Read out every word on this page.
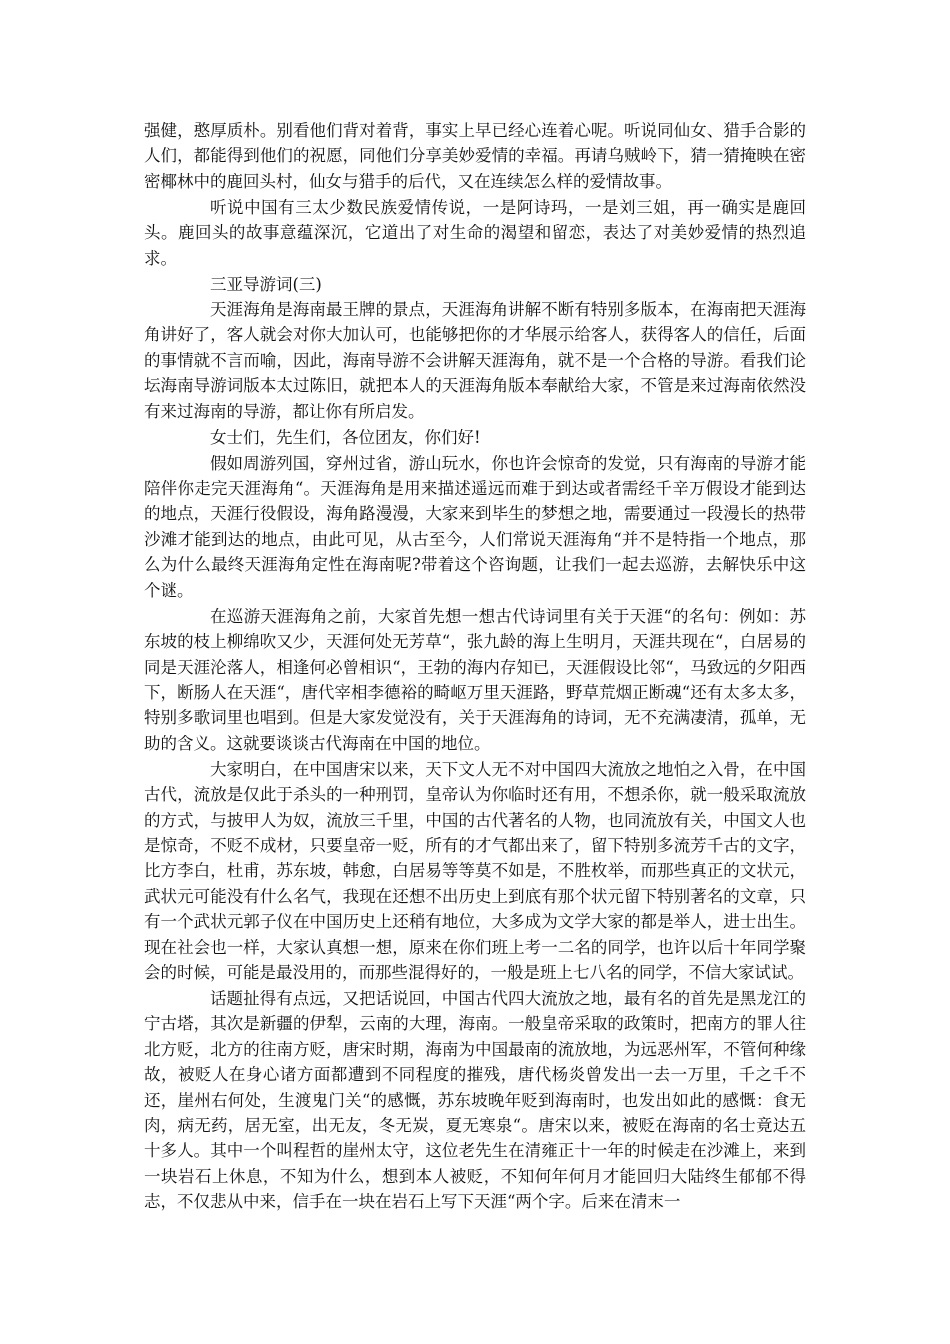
强健，憨厚质朴。别看他们背对着背，事实上早已经心连着心呢。听说同仙女、猎手合影的人们，都能得到他们的祝愿，同他们分享美妙爱情的幸福。再请乌贼岭下，猜一猜掩映在密密椰林中的鹿回头村，仙女与猎手的后代，又在连续怎么样的爱情故事。

听说中国有三太少数民族爱情传说，一是阿诗玛，一是刘三姐，再一确实是鹿回头。鹿回头的故事意蕴深沉，它道出了对生命的渴望和留恋，表达了对美妙爱情的热烈追求。

三亚导游词(三)

天涯海角是海南最王牌的景点，天涯海角讲解不断有特别多版本，在海南把天涯海角讲好了，客人就会对你大加认可，也能够把你的才华展示给客人，获得客人的信任，后面的事情就不言而喻，因此，海南导游不会讲解天涯海角，就不是一个合格的导游。看我们论坛海南导游词版本太过陈旧，就把本人的天涯海角版本奉献给大家，不管是来过海南依然没有来过海南的导游，都让你有所启发。

女士们，先生们，各位团友，你们好!

假如周游列国，穿州过省，游山玩水，你也许会惊奇的发觉，只有海南的导游才能陪伴你走完天涯海角“。天涯海角是用来描述遥远而难于到达或者需经千辛万假设才能到达的地点，天涯行役假设，海角路漫漫，大家来到毕生的梦想之地，需要通过一段漫长的热带沙滩才能到达的地点，由此可见，从古至今，人们常说天涯海角“并不是特指一个地点，那么为什么最终天涯海角定性在海南呢?带着这个咨询题，让我们一起去巡游，去解快乐中这个谜。

在巡游天涯海角之前，大家首先想一想古代诗词里有关于天涯“的名句：例如：苏东坡的枝上柳绵吹又少，天涯何处无芳草“，张九龄的海上生明月，天涯共现在“，白居易的同是天涯沦落人，相逢何必曾相识“，王勃的海内存知已，天涯假设比邻“，马致远的夕阳西下，断肠人在天涯“，唐代宰相李德裕的畸岖万里天涯路，野草荒烟正断魂“还有太多太多，特别多歌词里也唱到。但是大家发觉没有，关于天涯海角的诗词，无不充满凄清，孤单，无助的含义。这就要谈谈古代海南在中国的地位。

大家明白，在中国唐宋以来，天下文人无不对中国四大流放之地怕之入骨，在中国古代，流放是仅此于杀头的一种刑罚，皇帝认为你临时还有用，不想杀你，就一般采取流放的方式，与披甲人为奴，流放三千里，中国的古代著名的人物，也同流放有关，中国文人也是惊奇，不贬不成材，只要皇帝一贬，所有的才气都出来了，留下特别多流芳千古的文字，比方李白，杜甫，苏东坡，韩愈，白居易等等莫不如是，不胜枚举，而那些真正的文状元，武状元可能没有什么名气，我现在还想不出历史上到底有那个状元留下特别著名的文章，只有一个武状元郭子仪在中国历史上还稍有地位，大多成为文学大家的都是举人，进士出生。现在社会也一样，大家认真想一想，原来在你们班上考一二名的同学，也许以后十年同学聚会的时候，可能是最没用的，而那些混得好的，一般是班上七八名的同学，不信大家试试。

话题扯得有点远，又把话说回，中国古代四大流放之地，最有名的首先是黑龙江的宁古塔，其次是新疆的伊犁，云南的大理，海南。一般皇帝采取的政策时，把南方的罪人往北方贬，北方的往南方贬，唐宋时期，海南为中国最南的流放地，为远恶州军，不管何种缘故，被贬人在身心诸方面都遭到不同程度的摧残，唐代杨炎曾发出一去一万里，千之千不还，崖州右何处，生渡鬼门关“的感慨，苏东坡晚年贬到海南时，也发出如此的感慨：食无肉，病无药，居无室，出无友，冬无炭，夏无寒泉“。唐宋以来，被贬在海南的名士竟达五十多人。其中一个叫程哲的崖州太守，这位老先生在清雍正十一年的时候走在沙滩上，来到一块岩石上休息，不知为什么，想到本人被贬，不知何年何月才能回归大陆终生郁郁不得志，不仅悲从中来，信手在一块在岩石上写下天涯“两个字。后来在清末一
